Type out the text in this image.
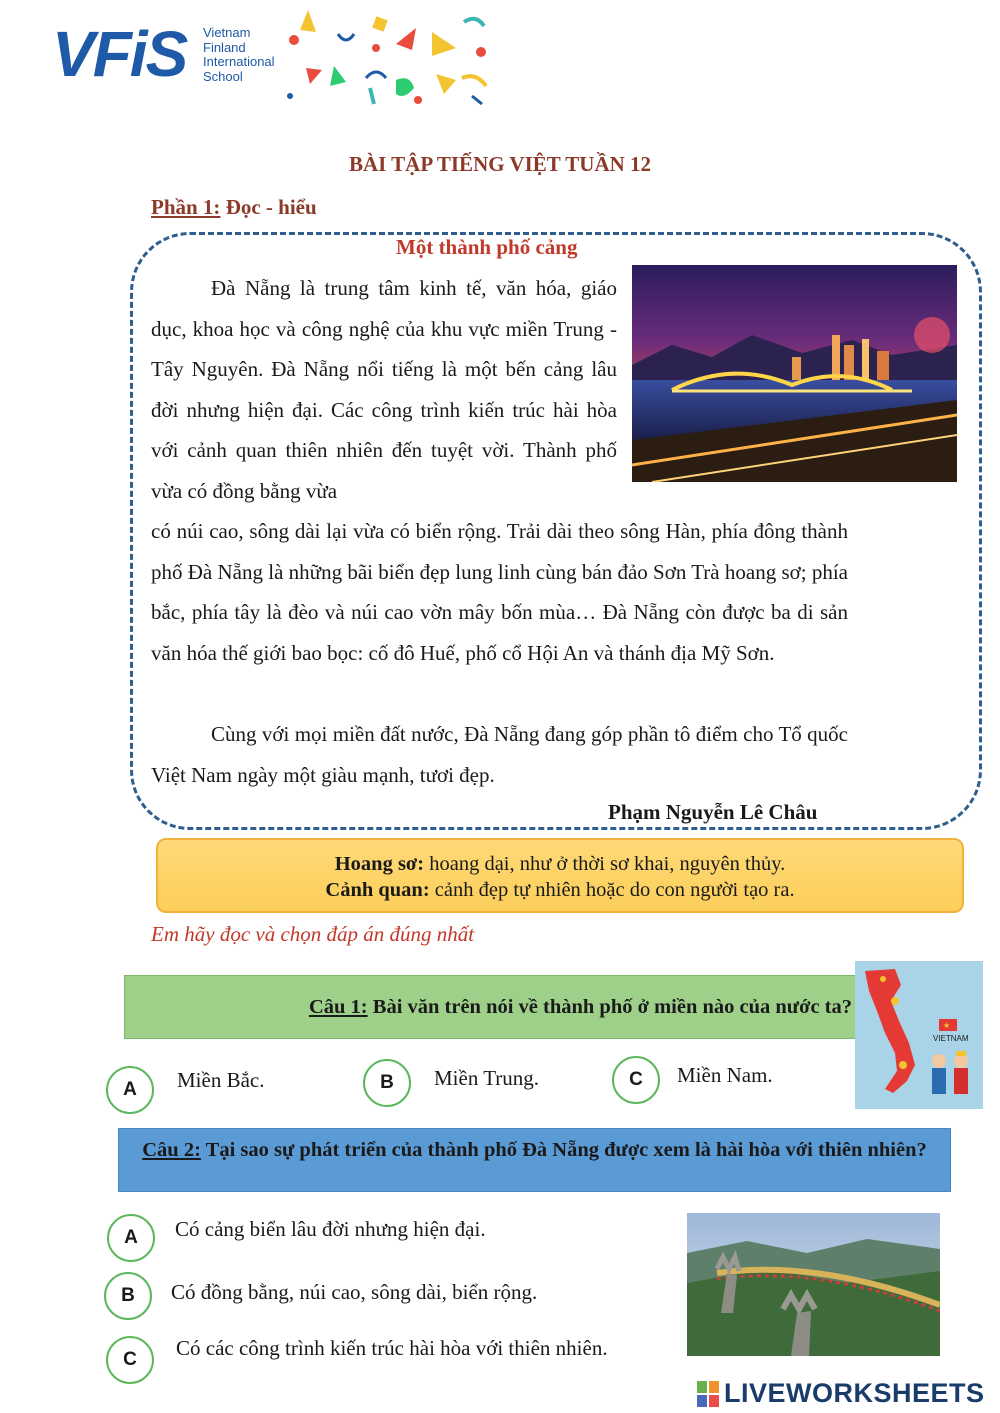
VFiS Vietnam
Finland
International
School
BÀI TẬP TIẾNG VIỆT TUẦN 12
Phần 1: Đọc - hiểu
Một thành phố cảng
Đà Nẵng là trung tâm kinh tế, văn hóa, giáo dục, khoa học và công nghệ của khu vực miền Trung - Tây Nguyên. Đà Nẵng nổi tiếng là một bến cảng lâu đời nhưng hiện đại. Các công trình kiến trúc hài hòa với cảnh quan thiên nhiên đến tuyệt vời. Thành phố vừa có đồng bằng vừa
có núi cao, sông dài lại vừa có biển rộng. Trải dài theo sông Hàn, phía đông thành phố Đà Nẵng là những bãi biển đẹp lung linh cùng bán đảo Sơn Trà hoang sơ; phía bắc, phía tây là đèo và núi cao vờn mây bốn mùa… Đà Nẵng còn được ba di sản văn hóa thế giới bao bọc: cố đô Huế, phố cổ Hội An và thánh địa Mỹ Sơn.
Cùng với mọi miền đất nước, Đà Nẵng đang góp phần tô điểm cho Tổ quốc Việt Nam ngày một giàu mạnh, tươi đẹp.
Phạm Nguyễn Lê Châu
Hoang sơ: hoang dại, như ở thời sơ khai, nguyên thủy.
Cảnh quan: cảnh đẹp tự nhiên hoặc do con người tạo ra.
Em hãy đọc và chọn đáp án đúng nhất
Câu 1: Bài văn trên nói về thành phố ở miền nào của nước ta?
★
VIETNAM
A	Miền Bắc.	B	Miền Trung.	C	Miền Nam.
Câu 2: Tại sao sự phát triển của thành phố Đà Nẵng được xem là hài hòa với thiên nhiên?
A	Có cảng biển lâu đời nhưng hiện đại.
B	Có đồng bằng, núi cao, sông dài, biển rộng.
C	Có các công trình kiến trúc hài hòa với thiên nhiên.
LIVEWORKSHEETS
